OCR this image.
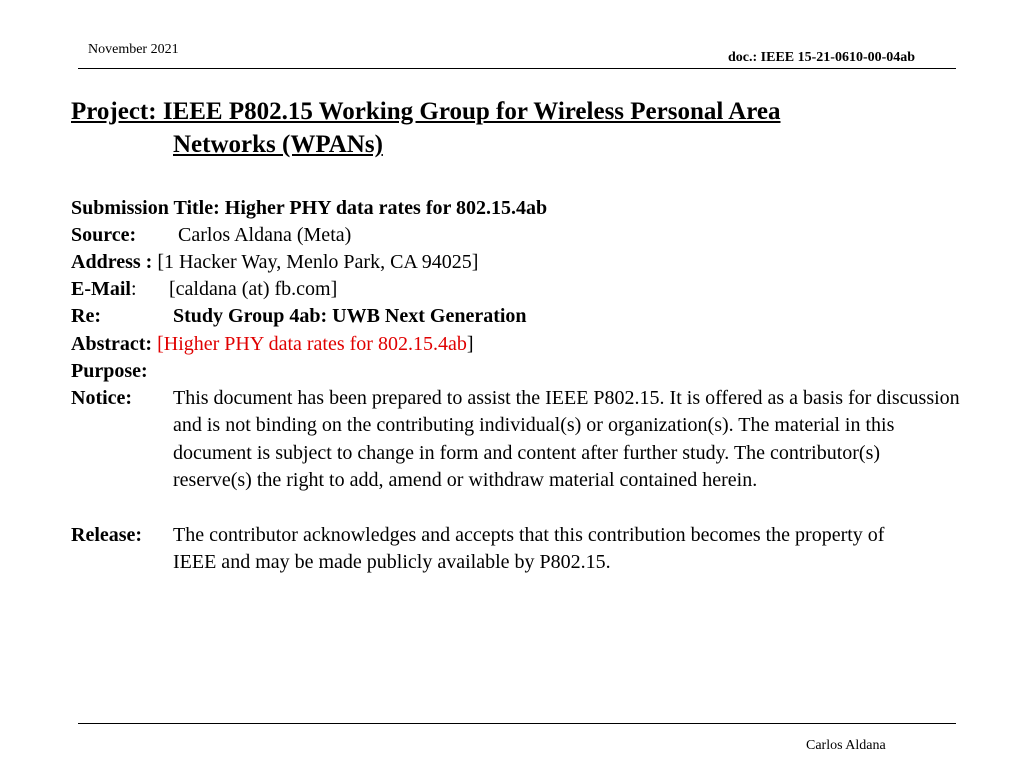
November 2021
doc.: IEEE 15-21-0610-00-04ab
Project: IEEE P802.15 Working Group for Wireless Personal Area
Networks (WPANs)
Submission Title: Higher PHY data rates for 802.15.4ab
Source: Carlos Aldana (Meta)
Address : [1 Hacker Way, Menlo Park, CA 94025]
E-Mail: [caldana (at) fb.com]
Re:	Study Group 4ab: UWB Next Generation
Abstract: [Higher PHY data rates for 802.15.4ab]
Purpose:
Notice: This document has been prepared to assist the IEEE P802.15. It is offered as a basis for discussion and is not binding on the contributing individual(s) or organization(s). The material in this document is subject to change in form and content after further study. The contributor(s) reserve(s) the right to add, amend or withdraw material contained herein.
Release: The contributor acknowledges and accepts that this contribution becomes the property of IEEE and may be made publicly available by P802.15.
Carlos Aldana
